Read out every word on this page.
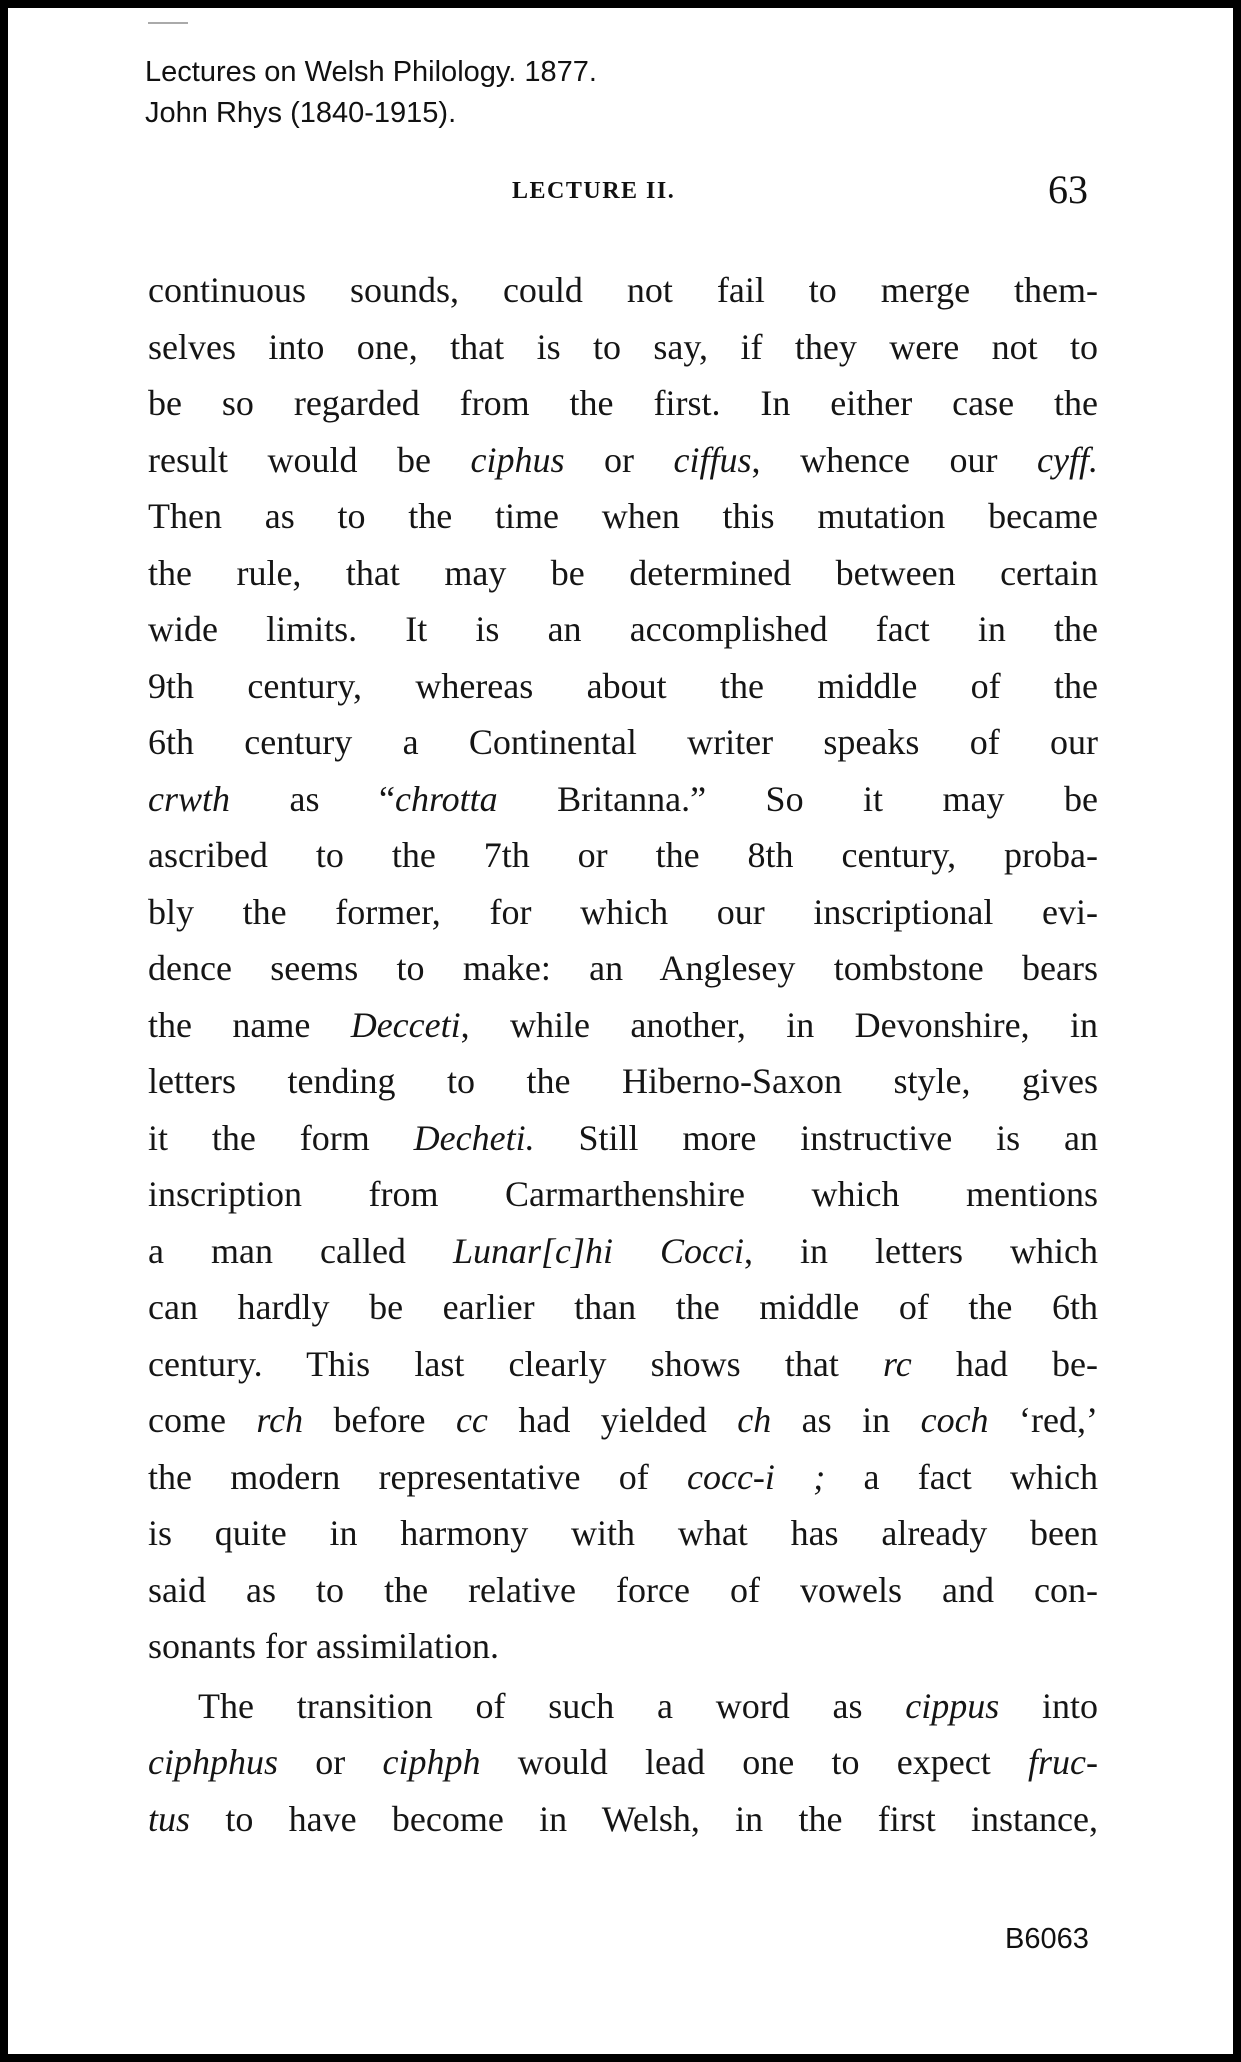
Lectures on Welsh Philology. 1877.
John Rhys (1840-1915).
LECTURE II.	63
continuous sounds, could not fail to merge them-
selves into one, that is to say, if they were not to
be so regarded from the first. In either case the
result would be ciphus or ciffus, whence our cyff.
Then as to the time when this mutation became
the rule, that may be determined between certain
wide limits. It is an accomplished fact in the
9th century, whereas about the middle of the
6th century a Continental writer speaks of our
crwth as “chrotta Britanna.” So it may be
ascribed to the 7th or the 8th century, proba-
bly the former, for which our inscriptional evi-
dence seems to make: an Anglesey tombstone bears
the name Decceti, while another, in Devonshire, in
letters tending to the Hiberno-Saxon style, gives
it the form Decheti. Still more instructive is an
inscription from Carmarthenshire which mentions
a man called Lunar[c]hi Cocci, in letters which
can hardly be earlier than the middle of the 6th
century. This last clearly shows that rc had be-
come rch before cc had yielded ch as in coch ‘red,’
the modern representative of cocc-i ; a fact which
is quite in harmony with what has already been
said as to the relative force of vowels and con-
sonants for assimilation.
The transition of such a word as cippus into
ciphphus or ciphph would lead one to expect fruc-
tus to have become in Welsh, in the first instance,
B6063
